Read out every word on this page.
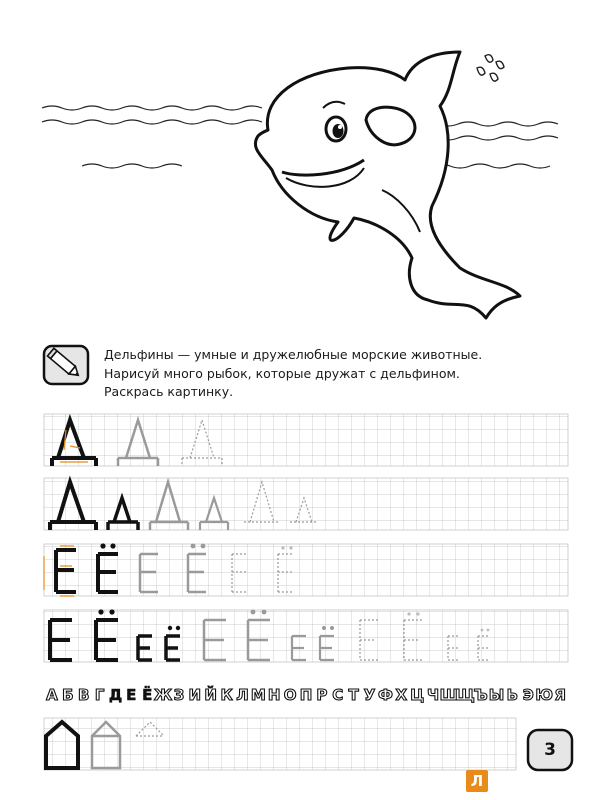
А Б В Г Д Е Ё Ж З И Й К Л М Н О П Р С Т У Ф Х Ц Ч Ш
Щ
Ъ Ы Ь Э Ю Я
Дельфины — умные и дружелюбные морские животные.
Нарисуй много рыбок, которые дружат с дельфином.
Раскрась картинку.
3
Л
